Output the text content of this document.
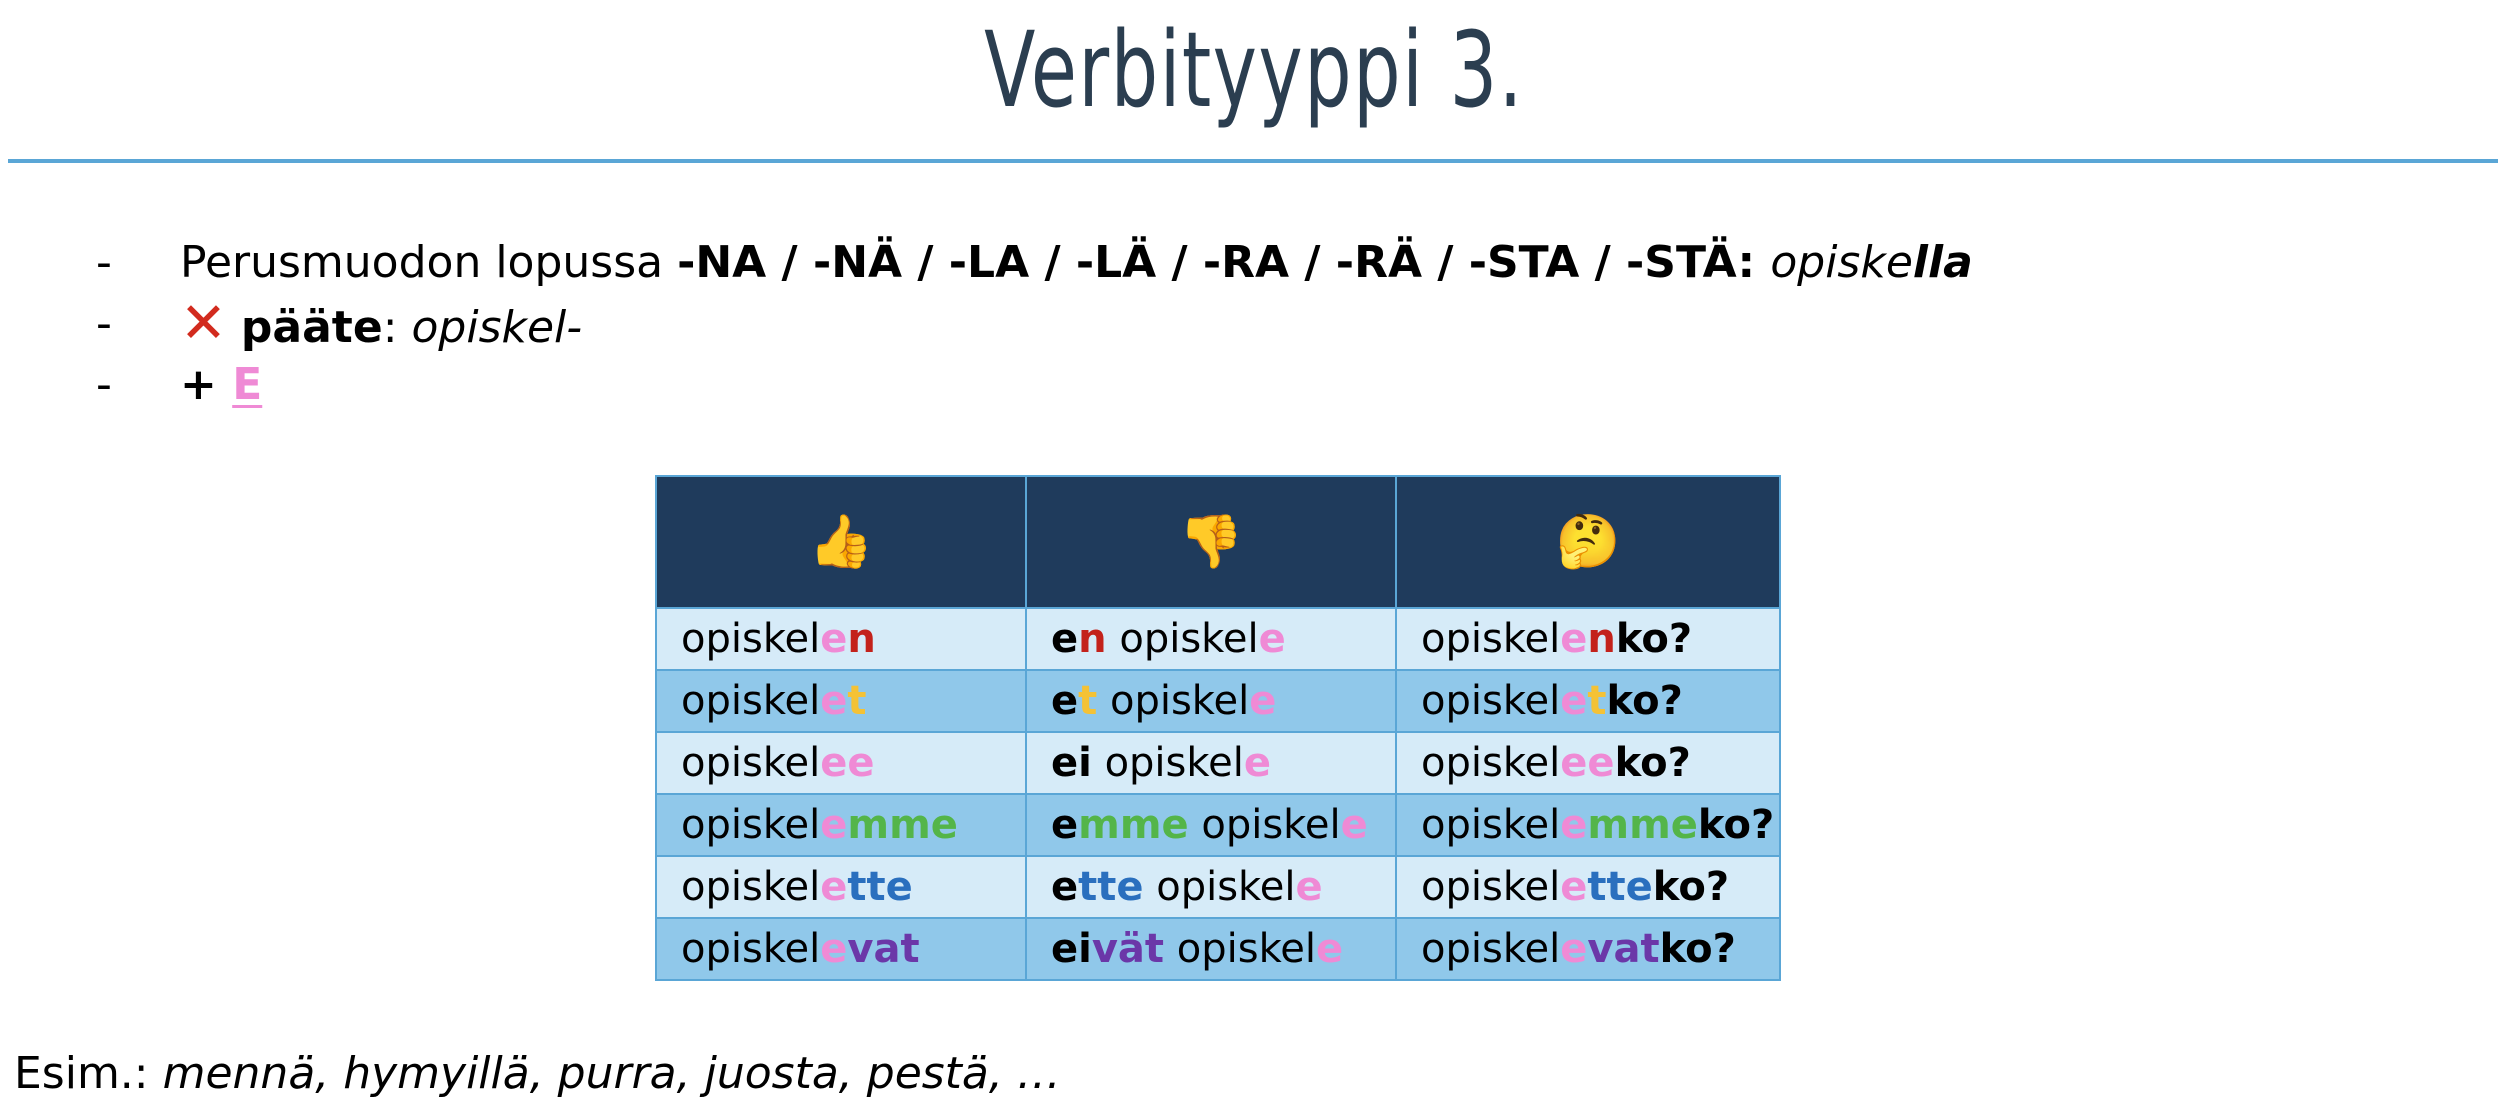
Verbityyppi 3.
-	Perusmuodon lopussa -NA / -NÄ / -LA / -LÄ / -RA / -RÄ / -STA / -STÄ: opiskella
- ✕ pääte: opiskel-
-	+ E
👍	👎	🤔
opiskelen	en opiskele	opiskelenko?
opiskelet	et opiskele	opiskeletko?
opiskelee	ei opiskele	opiskeleeko?
opiskelemme	emme opiskele	opiskelemmeko?
opiskelette	ette opiskele	opiskeletteko?
opiskelevat	eivät opiskele	opiskelevatko?
Esim.: mennä, hymyillä, purra, juosta, pestä, …
